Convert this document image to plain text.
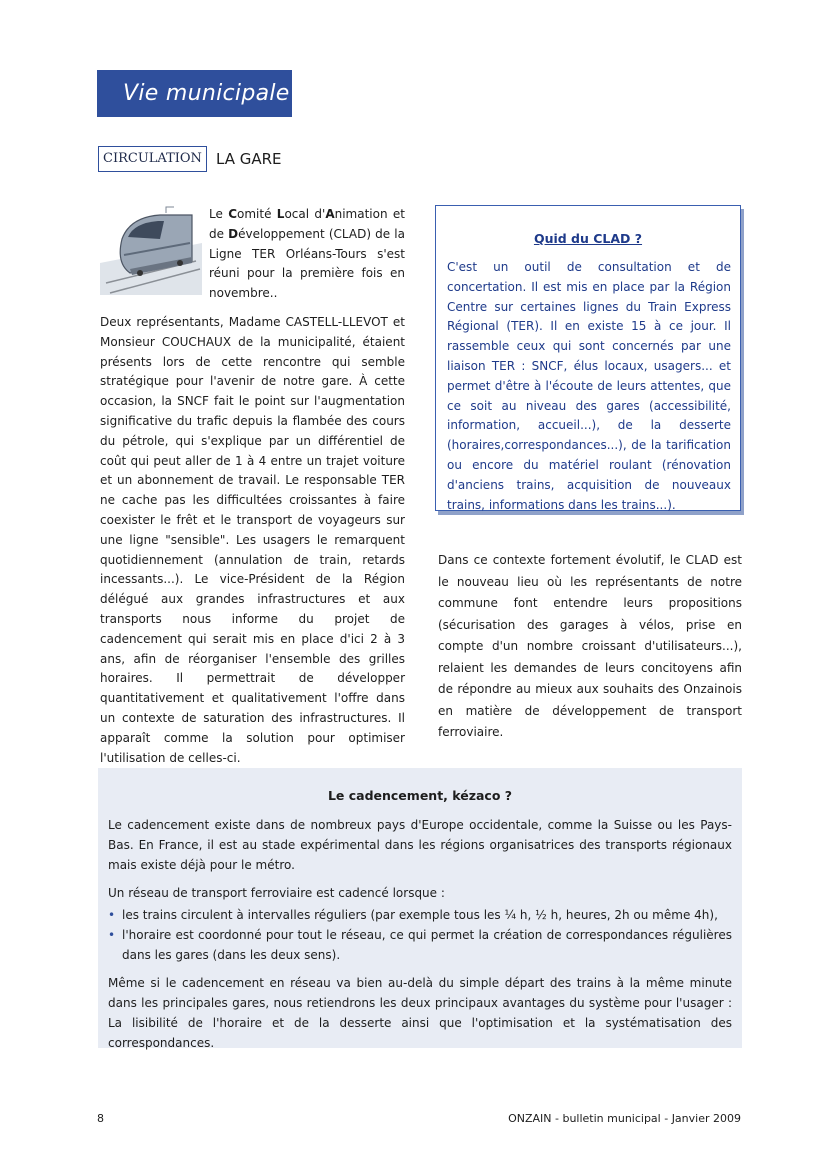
Vie municipale
CIRCULATION LA GARE
Le Comité Local d'Animation et de Développement (CLAD) de la Ligne TER Orléans-Tours s'est réuni pour la première fois en novembre..

Deux représentants, Madame CASTELL-LLEVOT et Monsieur COUCHAUX de la municipalité, étaient présents lors de cette rencontre qui semble stratégique pour l'avenir de notre gare. À cette occasion, la SNCF fait le point sur l'augmentation significative du trafic depuis la flambée des cours du pétrole, qui s'explique par un différentiel de coût qui peut aller de 1 à 4 entre un trajet voiture et un abonnement de travail. Le responsable TER ne cache pas les difficultées croissantes à faire coexister le frêt et le transport de voyageurs sur une ligne "sensible". Les usagers le remarquent quotidiennement (annulation de train, retards incessants...). Le vice-Président de la Région délégué aux grandes infrastructures et aux transports nous informe du projet de cadencement qui serait mis en place d'ici 2 à 3 ans, afin de réorganiser l'ensemble des grilles horaires. Il permettrait de développer quantitativement et qualitativement l'offre dans un contexte de saturation des infrastructures. Il apparaît comme la solution pour optimiser l'utilisation de celles-ci.

Quid du CLAD ?

C'est un outil de consultation et de concertation. Il est mis en place par la Région Centre sur certaines lignes du Train Express Régional (TER). Il en existe 15 à ce jour. Il rassemble ceux qui sont concernés par une liaison TER : SNCF, élus locaux, usagers... et permet d'être à l'écoute de leurs attentes, que ce soit au niveau des gares (accessibilité, information, accueil...), de la desserte (horaires,correspondances...), de la tarification ou encore du matériel roulant (rénovation d'anciens trains, acquisition de nouveaux trains, informations dans les trains...).

Dans ce contexte fortement évolutif, le CLAD est le nouveau lieu où les représentants de notre commune font entendre leurs propositions (sécurisation des garages à vélos, prise en compte d'un nombre croissant d'utilisateurs...), relaient les demandes de leurs concitoyens afin de répondre au mieux aux souhaits des Onzainois en matière de développement de transport ferroviaire.

Le cadencement, kézaco ?

Le cadencement existe dans de nombreux pays d'Europe occidentale, comme la Suisse ou les Pays-Bas. En France, il est au stade expérimental dans les régions organisatrices des transports régionaux mais existe déjà pour le métro.

Un réseau de transport ferroviaire est cadencé lorsque :

• les trains circulent à intervalles réguliers (par exemple tous les ¼ h, ½ h, heures, 2h ou même 4h),
• l'horaire est coordonné pour tout le réseau, ce qui permet la création de correspondances régulières dans les gares (dans les deux sens).

Même si le cadencement en réseau va bien au-delà du simple départ des trains à la même minute dans les principales gares, nous retiendrons les deux principaux avantages du système pour l'usager : La lisibilité de l'horaire et de la desserte ainsi que l'optimisation et la systématisation des correspondances.

8	ONZAIN - bulletin municipal - Janvier 2009
